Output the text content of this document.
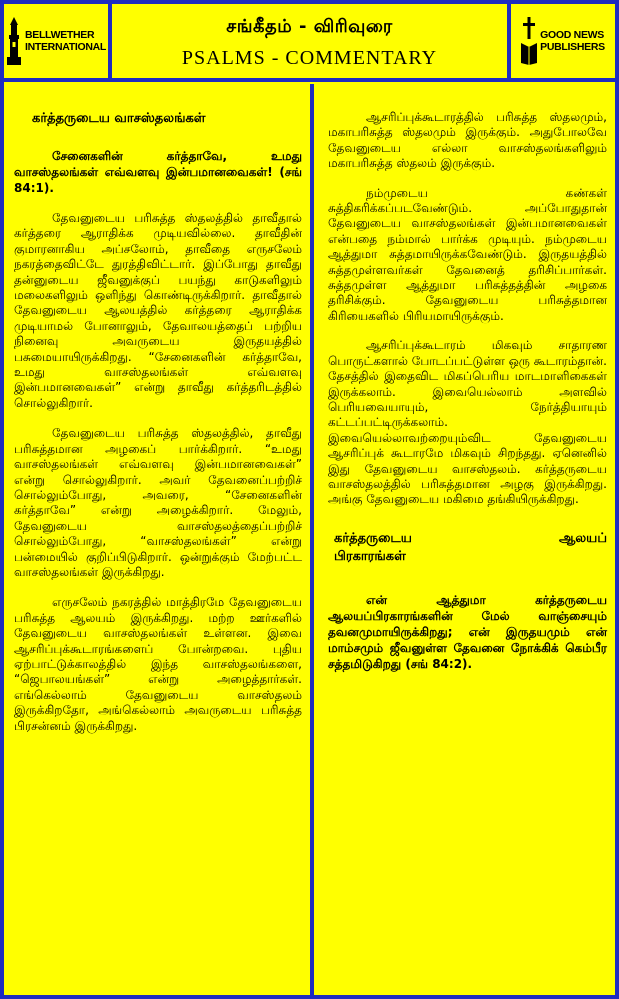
BELLWETHER
INTERNATIONAL
சங்கீதம் - விரிவுரை
PSALMS - COMMENTARY
GOOD NEWS
PUBLISHERS
கர்த்தருடைய வாசஸ்தலங்கள்

சேனைகளின் கர்த்தாவே, உமது வாசஸ்தலங்கள் எவ்வளவு இன்பமானவைகள்! (சங் 84:1).

தேவனுடைய பரிசுத்த ஸ்தலத்தில் தாவீதால் கர்த்தரை ஆராதிக்க முடியவில்லை. தாவீதின் குமாரனாகிய அப்சலோம், தாவீதை எருசலேம் நகரத்தைவிட்டே துரத்திவிட்டார். இப்போது தாவீது தன்னுடைய ஜீவனுக்குப் பயந்து காடுகளிலும் மலைகளிலும் ஒளிந்து கொண்டிருக்கிறார். தாவீதால் தேவனுடைய ஆலயத்தில் கர்த்தரை ஆராதிக்க முடியாமல் போனாலும், தேவாலயத்தைப் பற்றிய நினைவு அவருடைய இருதயத்தில் பசுமையாயிருக்கிறது. “சேனைகளின் கர்த்தாவே, உமது வாசஸ்தலங்கள் எவ்வளவு இன்பமானவைகள்” என்று தாவீது கர்த்தரிடத்தில் சொல்லுகிறார்.

தேவனுடைய பரிசுத்த ஸ்தலத்தில், தாவீது பரிசுத்தமான அழகைப் பார்க்கிறார். “உமது வாசஸ்தலங்கள் எவ்வளவு இன்பமானவைகள்” என்று சொல்லுகிறார். அவர் தேவனைப்பற்றிச் சொல்லும்போது, அவரை, “சேனைகளின் கர்த்தாவே” என்று அழைக்கிறார். மேலும், தேவனுடைய வாசஸ்தலத்தைப்பற்றிச் சொல்லும்போது, “வாசஸ்தலங்கள்” என்று பன்மையில் குறிப்பிடுகிறார். ஒன்றுக்கும் மேற்பட்ட வாசஸ்தலங்கள் இருக்கிறது.

எருசலேம் நகரத்தில் மாத்திரமே தேவனுடைய பரிசுத்த ஆலயம் இருக்கிறது. மற்ற ஊர்களில் தேவனுடைய வாசஸ்தலங்கள் உள்ளன. இவை ஆசரிப்புக்கூடாரங்களைப் போன்றவை. புதிய ஏற்பாட்டுக்காலத்தில் இந்த வாசஸ்தலங்களை, “ஜெபாலயங்கள்” என்று அழைத்தார்கள். எங்கெல்லாம் தேவனுடைய வாசஸ்தலம் இருக்கிறதோ, அங்கெல்லாம் அவருடைய பரிசுத்த பிரசன்னம் இருக்கிறது.

ஆசரிப்புக்கூடாரத்தில் பரிசுத்த ஸ்தலமும், மகாபரிசுத்த ஸ்தலமும் இருக்கும். அதுபோலவே தேவனுடைய எல்லா வாசஸ்தலங்களிலும் மகாபரிசுத்த ஸ்தலம் இருக்கும்.

நம்முடைய கண்கள் சுத்திகரிக்கப்படவேண்டும். அப்போதுதான் தேவனுடைய வாசஸ்தலங்கள் இன்பமானவைகள் என்பதை நம்மால் பார்க்க முடியும். நம்முடைய ஆத்துமா சுத்தமாயிருக்கவேண்டும். இருதயத்தில் சுத்தமுள்ளவர்கள் தேவனைத் தரிசிப்பார்கள். சுத்தமுள்ள ஆத்துமா பரிசுத்தத்தின் அழகை தரிசிக்கும். தேவனுடைய பரிசுத்தமான கிரியைகளில் பிரியமாயிருக்கும்.

ஆசரிப்புக்கூடாரம் மிகவும் சாதாரண பொருட்களால் போடப்பட்டுள்ள ஒரு கூடாரம்தான். தேசத்தில் இதைவிட மிகப்பெரிய மாடமாளிகைகள் இருக்கலாம். இவையெல்லாம் அளவில் பெரியவையாயும், நேர்த்தியாயும் கட்டப்பட்டிருக்கலாம். இவையெல்லாவற்றையும்விட தேவனுடைய ஆசரிப்புக் கூடாரமே மிகவும் சிறந்தது. ஏனெனில் இது தேவனுடைய வாசஸ்தலம். கர்த்தருடைய வாசஸ்தலத்தில் பரிசுத்தமான அழகு இருக்கிறது. அங்கு தேவனுடைய மகிமை தங்கியிருக்கிறது.

கர்த்தருடைய	ஆலயப்
பிரகாரங்கள்

என் ஆத்துமா கர்த்தருடைய ஆலயப்பிரகாரங்களின் மேல் வாஞ்சையும் தவனமுமாயிருக்கிறது; என் இருதயமும் என் மாம்சமும் ஜீவனுள்ள தேவனை நோக்கிக் கெம்பீர சத்தமிடுகிறது (சங் 84:2).
